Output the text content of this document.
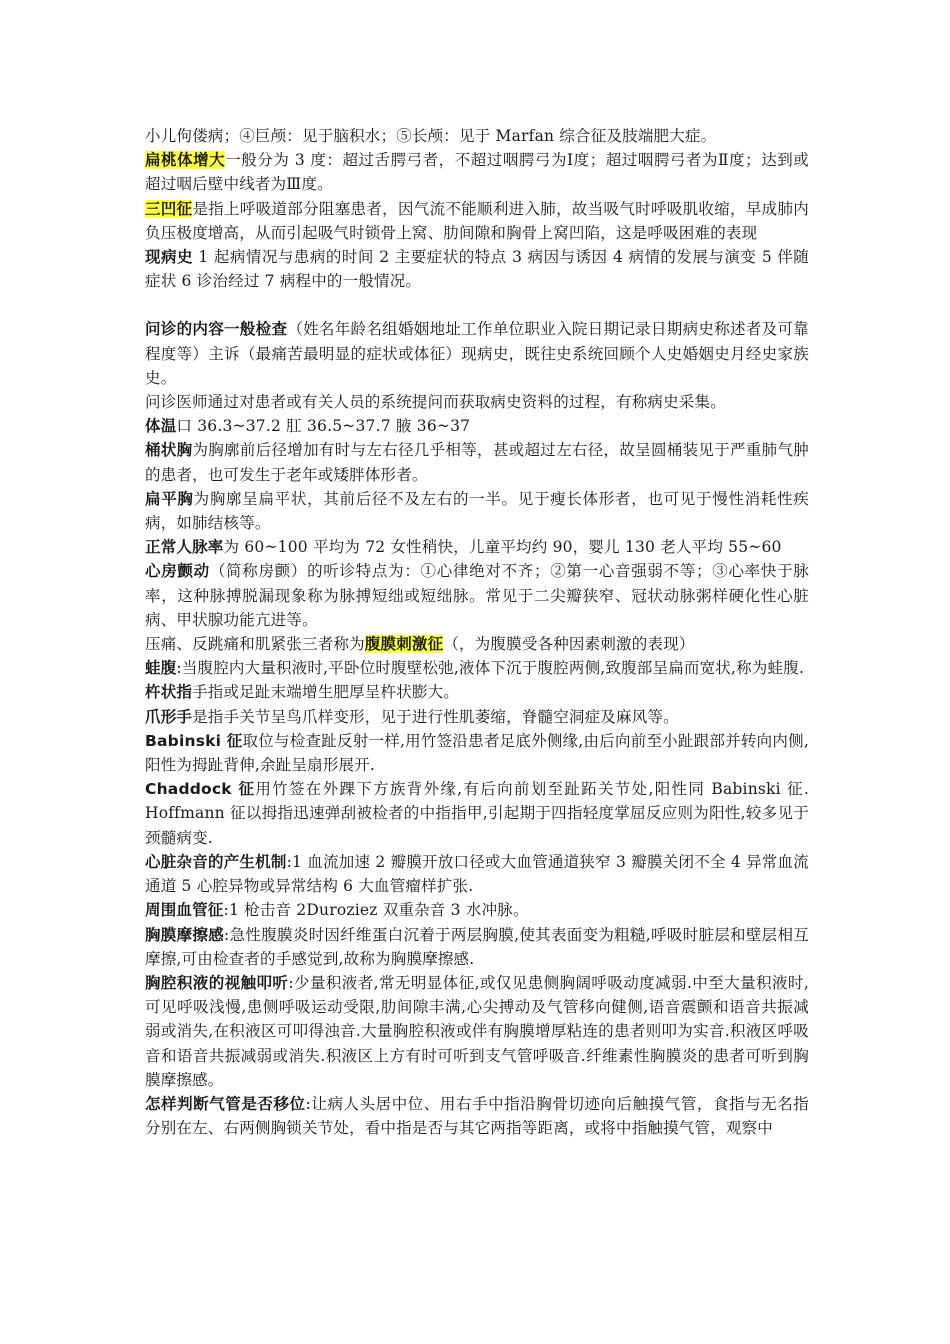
小儿佝偻病；④巨颅：见于脑积水；⑤长颅：见于 Marfan 综合征及肢端肥大症。

扁桃体增大一般分为 3 度：超过舌腭弓者，不超过咽腭弓为Ⅰ度；超过咽腭弓者为Ⅱ度；达到或超过咽后壁中线者为Ⅲ度。

三凹征是指上呼吸道部分阻塞患者，因气流不能顺利进入肺，故当吸气时呼吸肌收缩，早成肺内负压极度增高，从而引起吸气时锁骨上窝、肋间隙和胸骨上窝凹陷，这是呼吸困难的表现

现病史 1 起病情况与患病的时间 2 主要症状的特点 3 病因与诱因 4 病情的发展与演变 5 伴随症状 6 诊治经过 7 病程中的一般情况。

问诊的内容一般检查（姓名年龄名组婚姻地址工作单位职业入院日期记录日期病史称述者及可靠程度等）主诉（最痛苦最明显的症状或体征）现病史，既往史系统回顾个人史婚姻史月经史家族史。

问诊医师通过对患者或有关人员的系统提问而获取病史资料的过程，有称病史采集。

体温口 36.3~37.2 肛 36.5~37.7 腋 36~37

桶状胸为胸廓前后径增加有时与左右径几乎相等，甚或超过左右径，故呈圆桶装见于严重肺气肿的患者，也可发生于老年或矮胖体形者。

扁平胸为胸廓呈扁平状，其前后径不及左右的一半。见于瘦长体形者，也可见于慢性消耗性疾病，如肺结核等。

正常人脉率为 60~100 平均为 72 女性稍快，儿童平均约 90，婴儿 130 老人平均 55~60

心房颤动（简称房颤）的听诊特点为：①心律绝对不齐；②第一心音强弱不等；③心率快于脉率，这种脉搏脱漏现象称为脉搏短绌或短绌脉。常见于二尖瓣狭窄、冠状动脉粥样硬化性心脏病、甲状腺功能亢进等。

压痛、反跳痛和肌紧张三者称为腹膜刺激征（，为腹膜受各种因素刺激的表现）

蛙腹:当腹腔内大量积液时,平卧位时腹壁松弛,液体下沉于腹腔两侧,致腹部呈扁而宽状,称为蛙腹.

杵状指手指或足趾末端增生肥厚呈杵状膨大。

爪形手是指手关节呈鸟爪样变形，见于进行性肌萎缩，脊髓空洞症及麻风等。

Babinski 征取位与检查趾反射一样,用竹签沿患者足底外侧缘,由后向前至小趾跟部并转向内侧,阳性为拇趾背伸,余趾呈扇形展开.

Chaddock 征用竹签在外踝下方族背外缘,有后向前划至趾跖关节处,阳性同 Babinski 征. Hoffmann 征以拇指迅速弹刮被检者的中指指甲,引起期于四指轻度掌屈反应则为阳性,较多见于颈髓病变.

心脏杂音的产生机制:1 血流加速 2 瓣膜开放口径或大血管通道狭窄 3 瓣膜关闭不全 4 异常血流通道 5 心腔异物或异常结构 6 大血管瘤样扩张.

周围血管征:1 枪击音 2Duroziez 双重杂音 3 水冲脉。

胸膜摩擦感:急性腹膜炎时因纤维蛋白沉着于两层胸膜,使其表面变为粗糙,呼吸时脏层和壁层相互摩擦,可由检查者的手感觉到,故称为胸膜摩擦感.

胸腔积液的视触叩听:少量积液者,常无明显体征,或仅见患侧胸阔呼吸动度减弱.中至大量积液时,可见呼吸浅慢,患侧呼吸运动受限,肋间隙丰满,心尖搏动及气管移向健侧,语音震颤和语音共振减弱或消失,在积液区可叩得浊音.大量胸腔积液或伴有胸膜增厚粘连的患者则叩为实音.积液区呼吸音和语音共振减弱或消失.积液区上方有时可听到支气管呼吸音.纤维素性胸膜炎的患者可听到胸膜摩擦感。

怎样判断气管是否移位:让病人头居中位、用右手中指沿胸骨切迹向后触摸气管，食指与无名指分别在左、右两侧胸锁关节处，看中指是否与其它两指等距离，或将中指触摸气管，观察中
